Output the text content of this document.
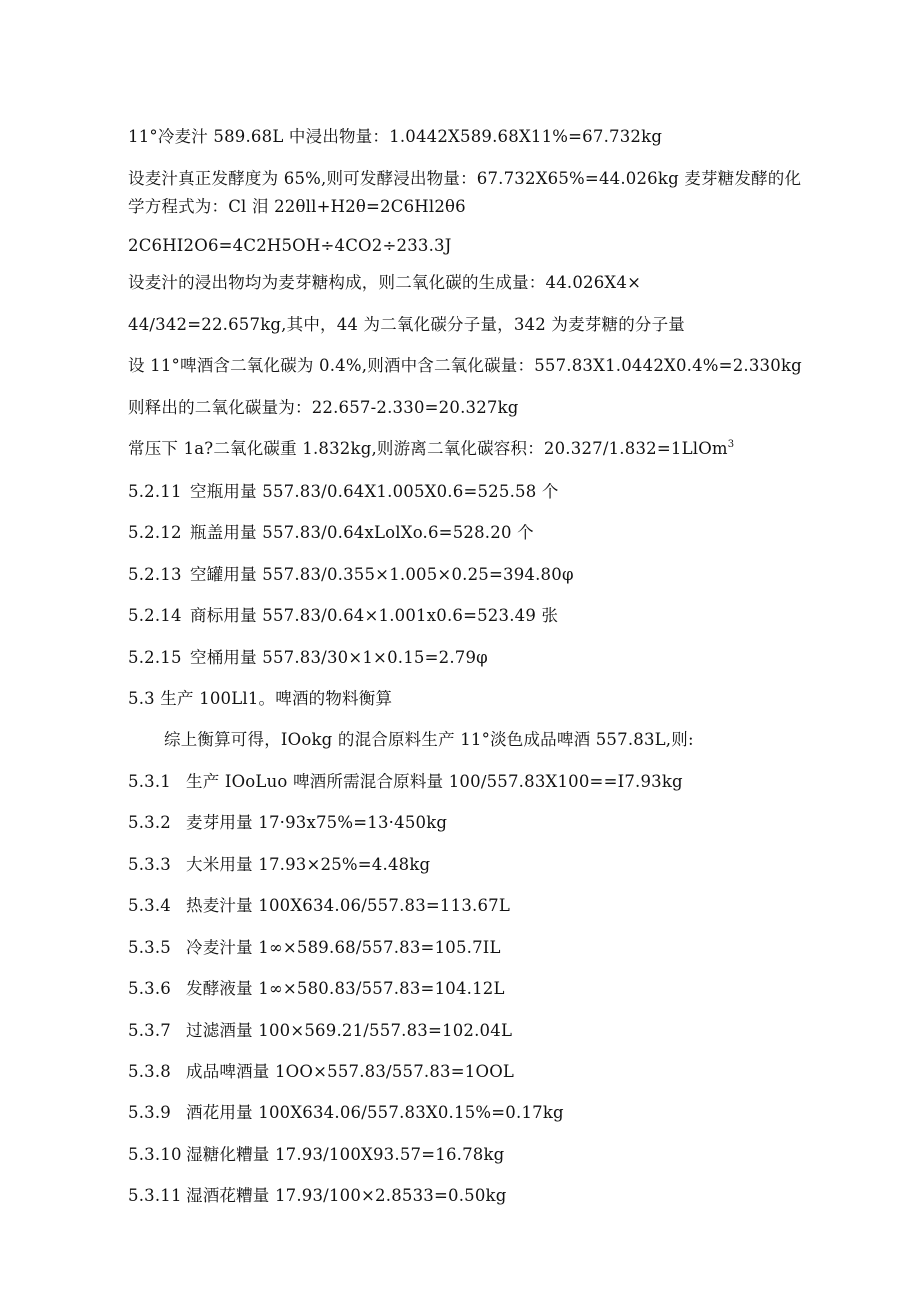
11°冷麦汁 589.68L 中浸出物量：1.0442X589.68X11%=67.732kg
设麦汁真正发酵度为 65%,则可发酵浸出物量：67.732X65%=44.026kg 麦芽糖发酵的化
学方程式为：Cl 泪 22θll+H2θ=2C6Hl2θ6
2C6HI2O6=4C2H5OH÷4CO2÷233.3J
设麦汁的浸出物均为麦芽糖构成，则二氧化碳的生成量：44.026X4×
44∕342=22.657kg,其中，44 为二氧化碳分子量，342 为麦芽糖的分子量
设 11°啤酒含二氧化碳为 0.4%,则酒中含二氧化碳量：557.83X1.0442X0.4%=2.330kg
则释出的二氧化碳量为：22.657-2.330=20.327kg
常压下 1a?二氧化碳重 1.832kg,则游离二氧化碳容积：20.327/1.832=1LlOm$^3$
5.2.11 空瓶用量 557.83/0.64X1.005X0.6=525.58 个
5.2.12 瓶盖用量 557.83/0.64xLolXo.6=528.20 个
5.2.13 空罐用量 557.83/0.355×1.005×0.25=394.80φ
5.2.14 商标用量 557.83/0.64×1.001x0.6=523.49 张
5.2.15 空桶用量 557.83/30×1×0.15=2.79φ
5.3 生产 100Ll1。啤酒的物料衡算
综上衡算可得，IOokg 的混合原料生产 11°淡色成品啤酒 557.83L,则:
5.3.1 生产 IOoLuo 啤酒所需混合原料量 100∕557.83X100==I7.93kg
5.3.2 麦芽用量 17·93x75%=13·450kg
5.3.3 大米用量 17.93×25%=4.48kg
5.3.4 热麦汁量 100X634.06/557.83=113.67L
5.3.5 冷麦汁量 1∞×589.68/557.83=105.7IL
5.3.6 发酵液量 1∞×580.83/557.83=104.12L
5.3.7 过滤酒量 100×569.21/557.83=102.04L
5.3.8 成品啤酒量 1OO×557.83∕557.83=1OOL
5.3.9 酒花用量 100X634.06/557.83X0.15%=0.17kg
5.3.10 湿糖化糟量 17.93/100X93.57=16.78kg
5.3.11 湿酒花糟量 17.93/100×2.8533=0.50kg
